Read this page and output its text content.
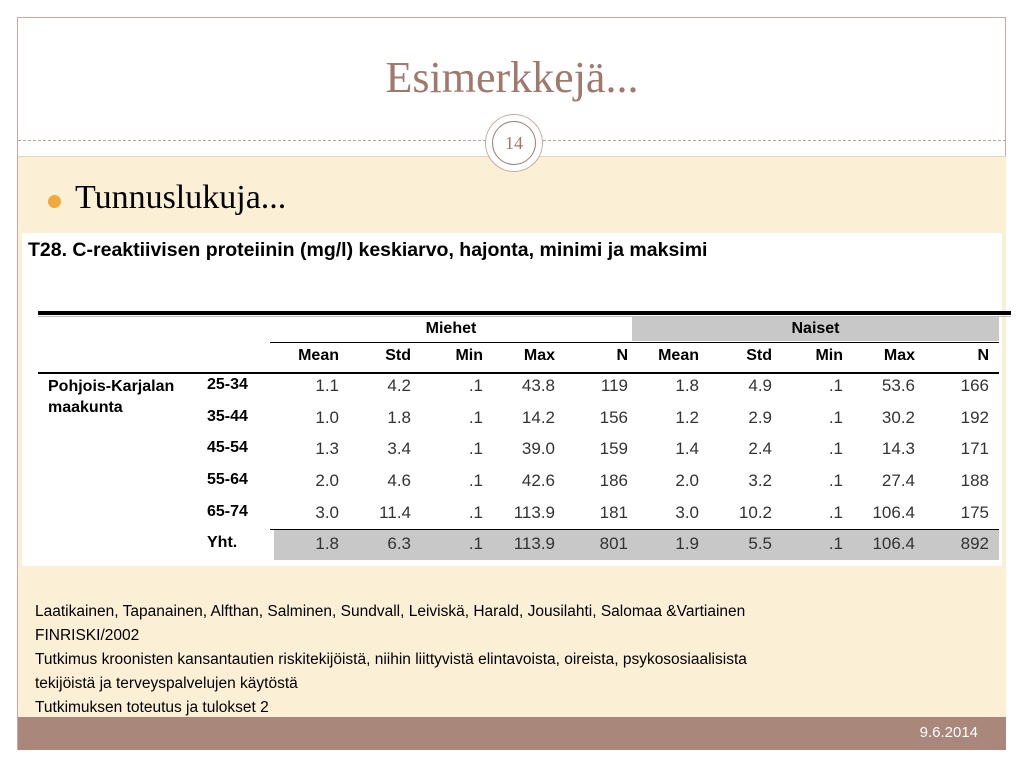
Esimerkkejä...
14
Tunnuslukuja...
T28. C-reaktiivisen proteiinin (mg/l) keskiarvo, hajonta, minimi ja maksimi
Miehet	Naiset
Mean	Std	Min	Max	N	Mean	Std	Min	Max	N
Pohjois-Karjalan
maakunta
25-34	1.1	4.2	.1	43.8	119	1.8	4.9	.1	53.6	166
35-44	1.0	1.8	.1	14.2	156	1.2	2.9	.1	30.2	192
45-54	1.3	3.4	.1	39.0	159	1.4	2.4	.1	14.3	171
55-64	2.0	4.6	.1	42.6	186	2.0	3.2	.1	27.4	188
65-74	3.0	11.4	.1	113.9	181	3.0	10.2	.1	106.4	175
Yht.	1.8	6.3	.1	113.9	801	1.9	5.5	.1	106.4	892
Laatikainen, Tapanainen, Alfthan, Salminen, Sundvall, Leiviskä, Harald, Jousilahti, Salomaa &Vartiainen
FINRISKI/2002
Tutkimus kroonisten kansantautien riskitekijöistä, niihin liittyvistä elintavoista, oireista, psykososiaalisista
tekijöistä ja terveyspalvelujen käytöstä
Tutkimuksen toteutus ja tulokset 2
9.6.2014
